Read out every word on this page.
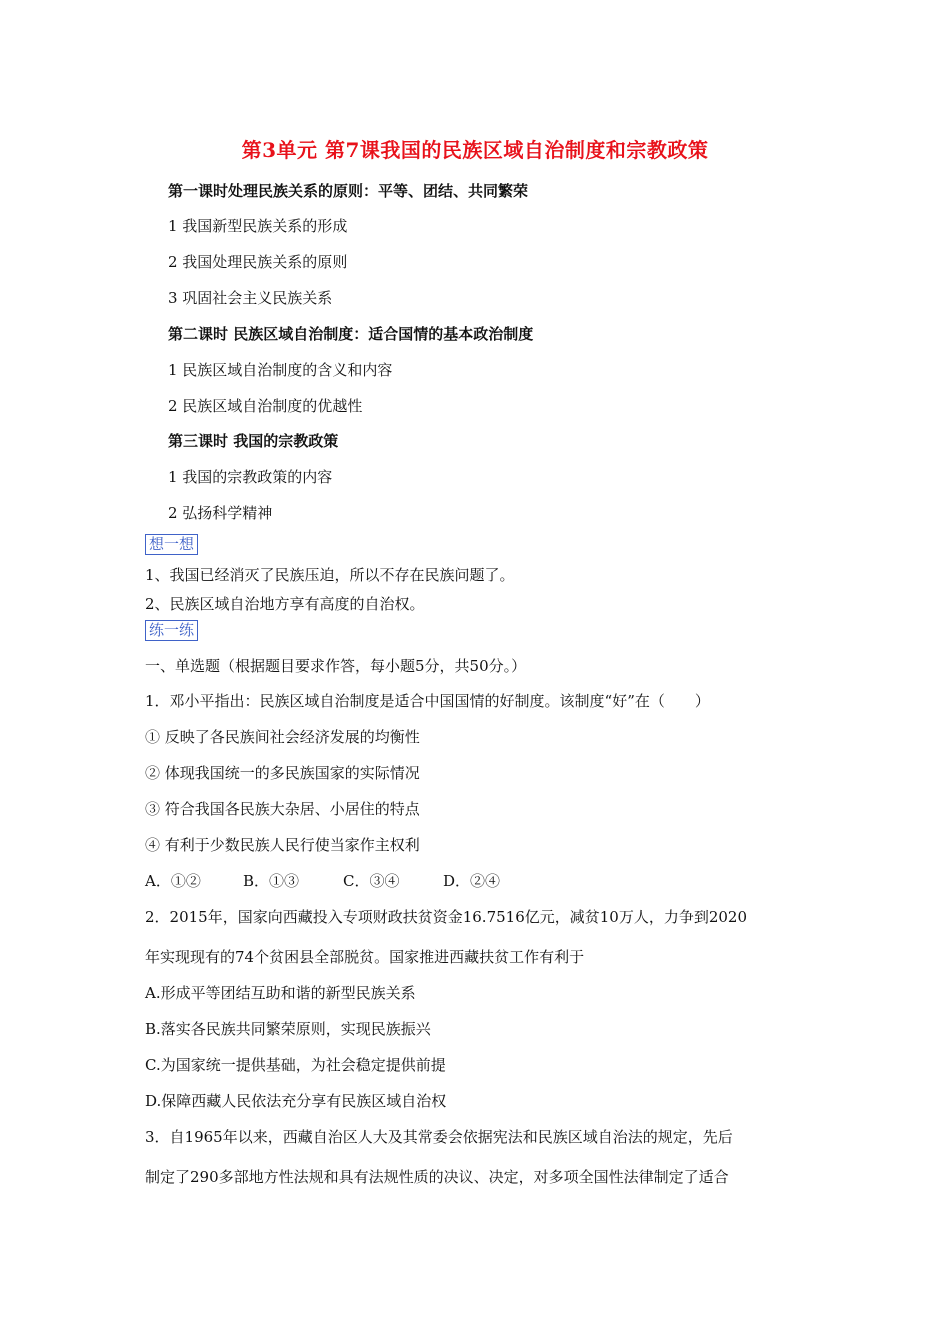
第3单元 第7课我国的民族区域自治制度和宗教政策
第一课时处理民族关系的原则：平等、团结、共同繁荣
1 我国新型民族关系的形成
2 我国处理民族关系的原则
3 巩固社会主义民族关系
第二课时 民族区域自治制度：适合国情的基本政治制度
1 民族区域自治制度的含义和内容
2 民族区域自治制度的优越性
第三课时 我国的宗教政策
1 我国的宗教政策的内容
2 弘扬科学精神
想一想
1、我国已经消灭了民族压迫，所以不存在民族问题了。
2、民族区域自治地方享有高度的自治权。
练一练
一、单选题（根据题目要求作答，每小题5分，共50分。）
1．邓小平指出：民族区域自治制度是适合中国国情的好制度。该制度“好”在（　　）
① 反映了各民族间社会经济发展的均衡性
② 体现我国统一的多民族国家的实际情况
③ 符合我国各民族大杂居、小居住的特点
④ 有利于少数民族人民行使当家作主权利
A．①②	B．①③	C．③④	D．②④
2．2015年，国家向西藏投入专项财政扶贫资金16.7516亿元，减贫10万人，力争到2020
年实现现有的74个贫困县全部脱贫。国家推进西藏扶贫工作有利于
A.形成平等团结互助和谐的新型民族关系
B.落实各民族共同繁荣原则，实现民族振兴
C.为国家统一提供基础，为社会稳定提供前提
D.保障西藏人民依法充分享有民族区域自治权
3．自1965年以来，西藏自治区人大及其常委会依据宪法和民族区域自治法的规定，先后
制定了290多部地方性法规和具有法规性质的决议、决定，对多项全国性法律制定了适合
